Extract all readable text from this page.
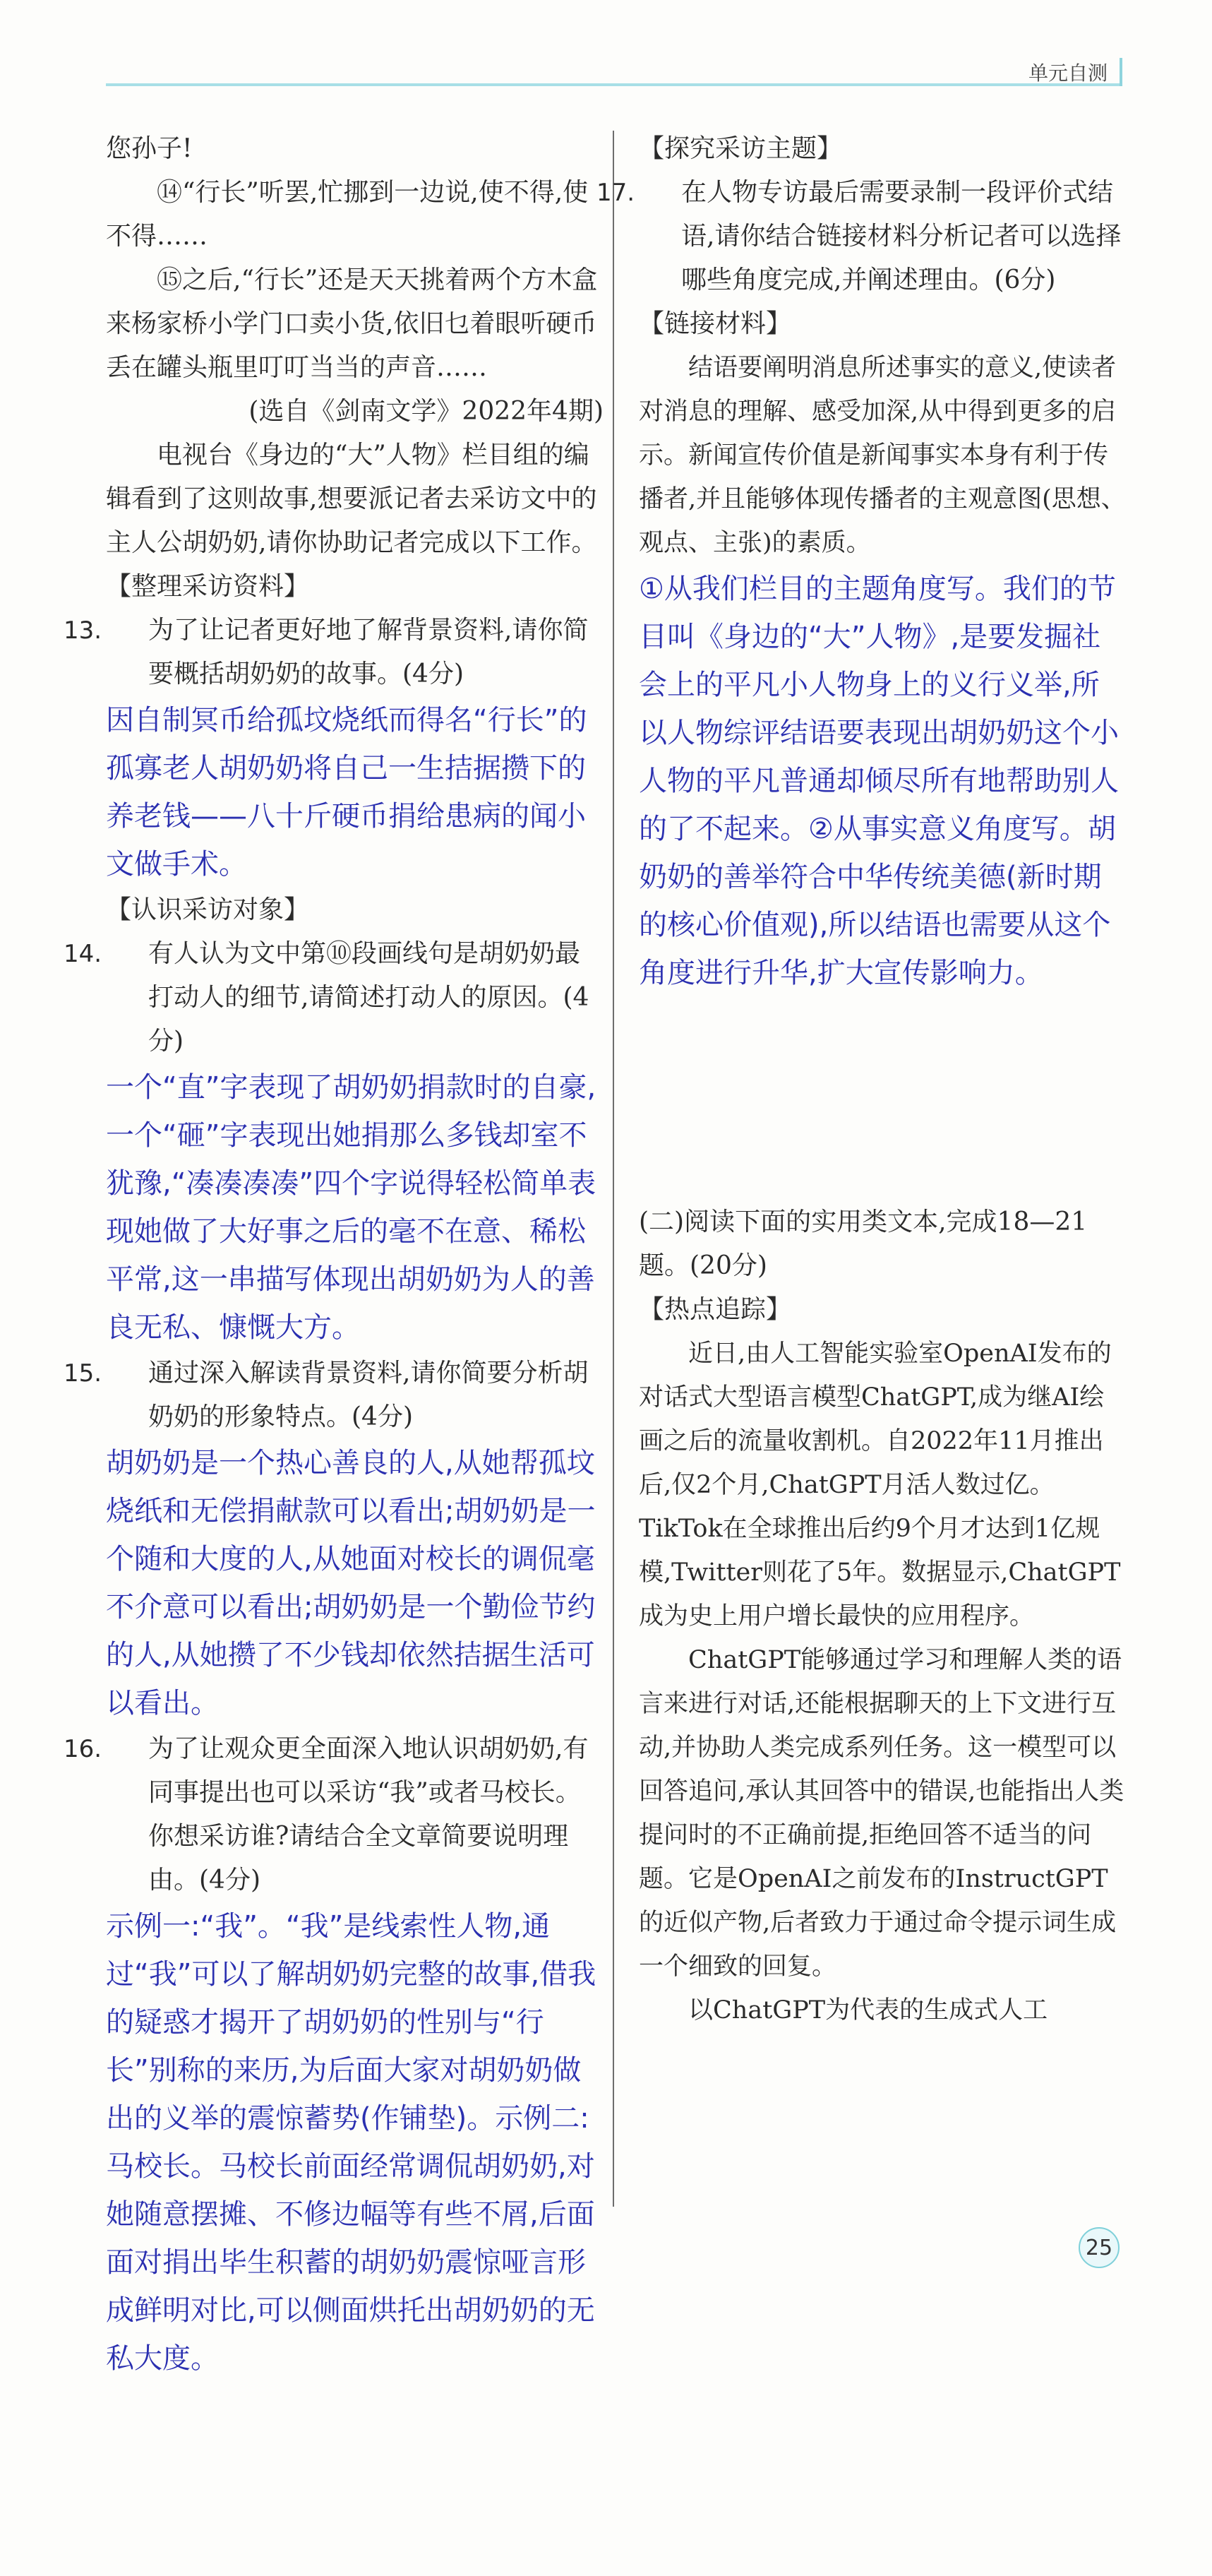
单元自测

您孙子!

⑭“行长”听罢,忙挪到一边说,使不得,使不得……

⑮之后,“行长”还是天天挑着两个方木盒来杨家桥小学门口卖小货,依旧乜着眼听硬币丢在罐头瓶里叮叮当当的声音……

(选自《剑南文学》2022年4期)

电视台《身边的“大”人物》栏目组的编辑看到了这则故事,想要派记者去采访文中的主人公胡奶奶,请你协助记者完成以下工作。

【整理采访资料】

13. 为了让记者更好地了解背景资料,请你简要概括胡奶奶的故事。(4分)

因自制冥币给孤坟烧纸而得名“行长”的孤寡老人胡奶奶将自己一生拮据攒下的养老钱——八十斤硬币捐给患病的闻小文做手术。

【认识采访对象】

14. 有人认为文中第⑩段画线句是胡奶奶最打动人的细节,请简述打动人的原因。(4分)

一个“直”字表现了胡奶奶捐款时的自豪,一个“砸”字表现出她捐那么多钱却室不犹豫,“凑凑凑凑”四个字说得轻松简单表现她做了大好事之后的毫不在意、稀松平常,这一串描写体现出胡奶奶为人的善良无私、慷慨大方。

15. 通过深入解读背景资料,请你简要分析胡奶奶的形象特点。(4分)

胡奶奶是一个热心善良的人,从她帮孤坟烧纸和无偿捐献款可以看出;胡奶奶是一个随和大度的人,从她面对校长的调侃毫不介意可以看出;胡奶奶是一个勤俭节约的人,从她攒了不少钱却依然拮据生活可以看出。

16. 为了让观众更全面深入地认识胡奶奶,有同事提出也可以采访“我”或者马校长。你想采访谁?请结合全文章简要说明理由。(4分)

示例一:“我”。“我”是线索性人物,通过“我”可以了解胡奶奶完整的故事,借我的疑惑才揭开了胡奶奶的性别与“行长”别称的来历,为后面大家对胡奶奶做出的义举的震惊蓄势(作铺垫)。示例二:马校长。马校长前面经常调侃胡奶奶,对她随意摆摊、不修边幅等有些不屑,后面面对捐出毕生积蓄的胡奶奶震惊哑言形成鲜明对比,可以侧面烘托出胡奶奶的无私大度。

【探究采访主题】

17. 在人物专访最后需要录制一段评价式结语,请你结合链接材料分析记者可以选择哪些角度完成,并阐述理由。(6分)

【链接材料】

结语要阐明消息所述事实的意义,使读者对消息的理解、感受加深,从中得到更多的启示。新闻宣传价值是新闻事实本身有利于传播者,并且能够体现传播者的主观意图(思想、观点、主张)的素质。

①从我们栏目的主题角度写。我们的节目叫《身边的“大”人物》,是要发掘社会上的平凡小人物身上的义行义举,所以人物综评结语要表现出胡奶奶这个小人物的平凡普通却倾尽所有地帮助别人的了不起来。②从事实意义角度写。胡奶奶的善举符合中华传统美德(新时期的核心价值观),所以结语也需要从这个角度进行升华,扩大宣传影响力。

(二)阅读下面的实用类文本,完成18—21题。(20分)

【热点追踪】

近日,由人工智能实验室OpenAI发布的对话式大型语言模型ChatGPT,成为继AI绘画之后的流量收割机。自2022年11月推出后,仅2个月,ChatGPT月活人数过亿。TikTok在全球推出后约9个月才达到1亿规模,Twitter则花了5年。数据显示,ChatGPT成为史上用户增长最快的应用程序。

ChatGPT能够通过学习和理解人类的语言来进行对话,还能根据聊天的上下文进行互动,并协助人类完成系列任务。这一模型可以回答追问,承认其回答中的错误,也能指出人类提问时的不正确前提,拒绝回答不适当的问题。它是OpenAI之前发布的InstructGPT的近似产物,后者致力于通过命令提示词生成一个细致的回复。

以ChatGPT为代表的生成式人工

25
